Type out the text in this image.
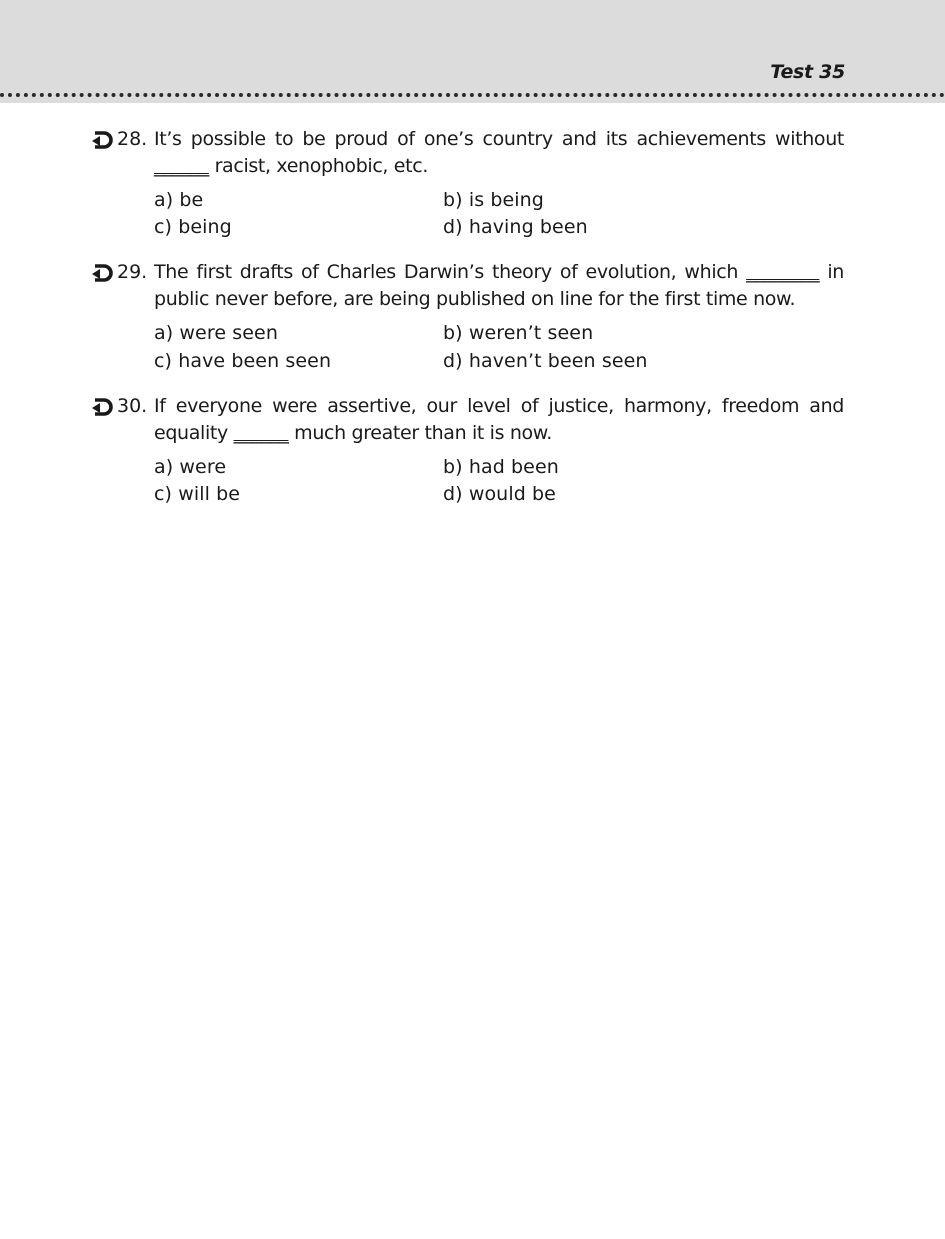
Test 35
28. It’s possible to be proud of one’s country and its achievements without ______ racist, xenophobic, etc.
a) be	b) is being
c) being	d) having been
29. The first drafts of Charles Darwin’s theory of evolution, which ________ in public never before, are being published on line for the first time now.
a) were seen	b) weren’t seen
c) have been seen	d) haven’t been seen
30. If everyone were assertive, our level of justice, harmony, freedom and equality ______ much greater than it is now.
a) were	b) had been
c) will be	d) would be
